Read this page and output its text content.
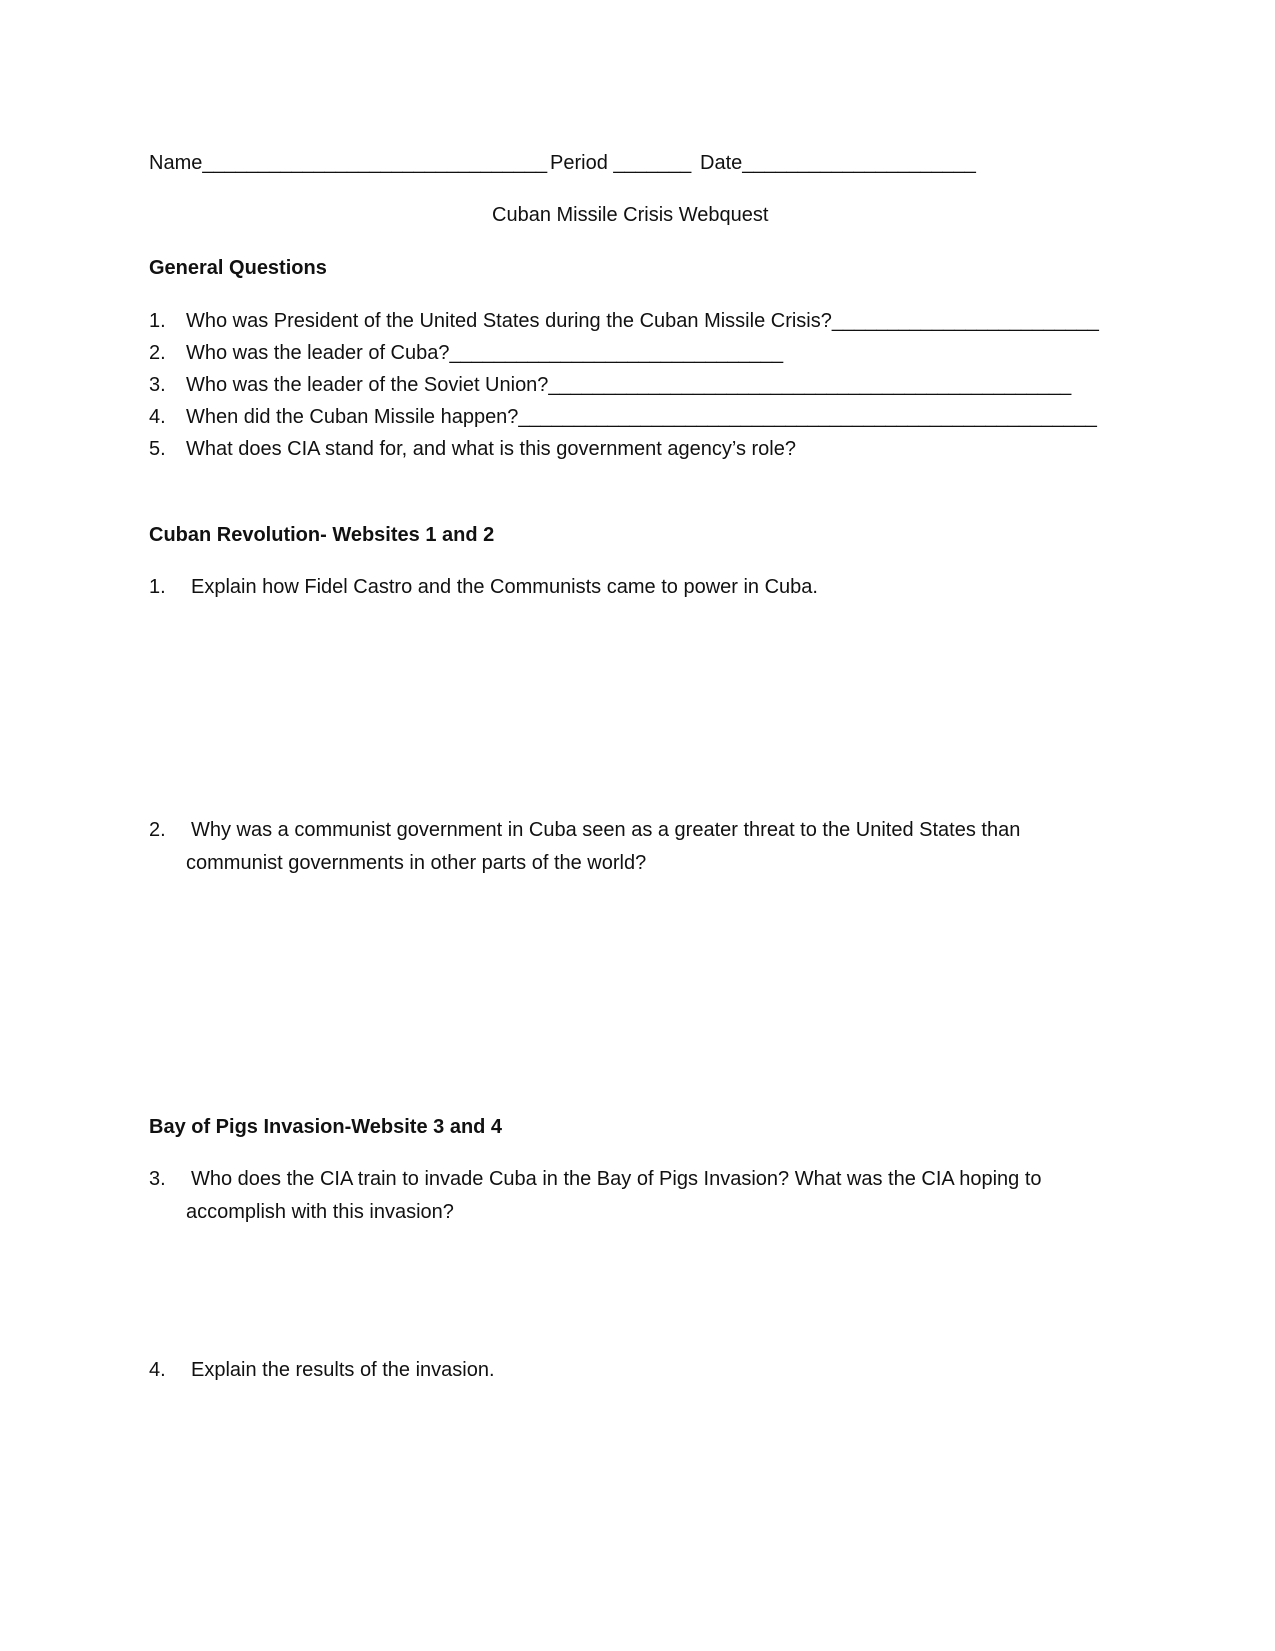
Name_______________________________ Period _______ Date_____________________
Cuban Missile Crisis Webquest
General Questions
1. Who was President of the United States during the Cuban Missile Crisis?________________________
2. Who was the leader of Cuba?______________________________
3. Who was the leader of the Soviet Union?_______________________________________________
4. When did the Cuban Missile happen?____________________________________________________
5. What does CIA stand for, and what is this government agency’s role?
Cuban Revolution- Websites 1 and 2
1. Explain how Fidel Castro and the Communists came to power in Cuba.
2. Why was a communist government in Cuba seen as a greater threat to the United States than
communist governments in other parts of the world?
Bay of Pigs Invasion-Website 3 and 4
3. Who does the CIA train to invade Cuba in the Bay of Pigs Invasion? What was the CIA hoping to
accomplish with this invasion?
4. Explain the results of the invasion.
